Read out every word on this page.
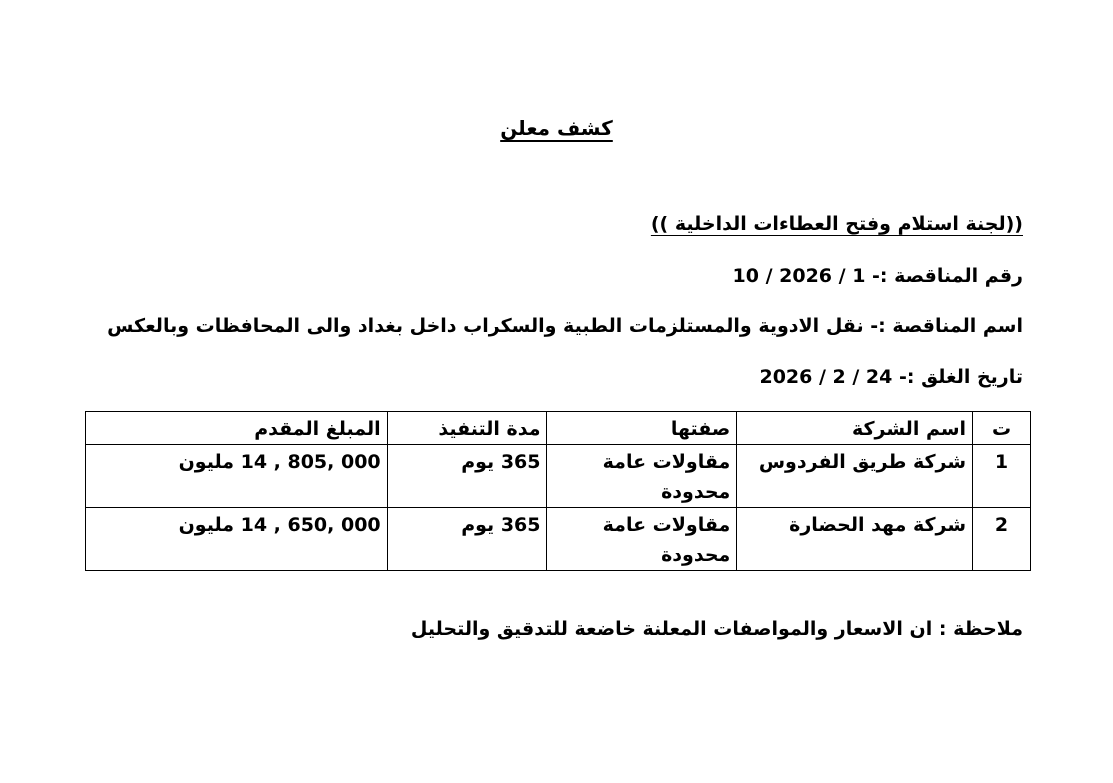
كشف معلن
((لجنة استلام وفتح العطاءات الداخلية ))
رقم المناقصة :- 10 / 2026 / 1
اسم المناقصة :- نقل الادوية والمستلزمات الطبية والسكراب داخل بغداد والى المحافظات وبالعكس
تاريخ الغلق :- 2026 / 2 / 24
ت	اسم الشركة	صفتها	مدة التنفيذ	المبلغ المقدم
1	شركة طريق الفردوس	مقاولات عامة محدودة	365 يوم	14 , 805, 000 مليون
2	شركة مهد الحضارة	مقاولات عامة محدودة	365 يوم	14 , 650, 000 مليون
ملاحظة : ان الاسعار والمواصفات المعلنة خاضعة للتدقيق والتحليل
